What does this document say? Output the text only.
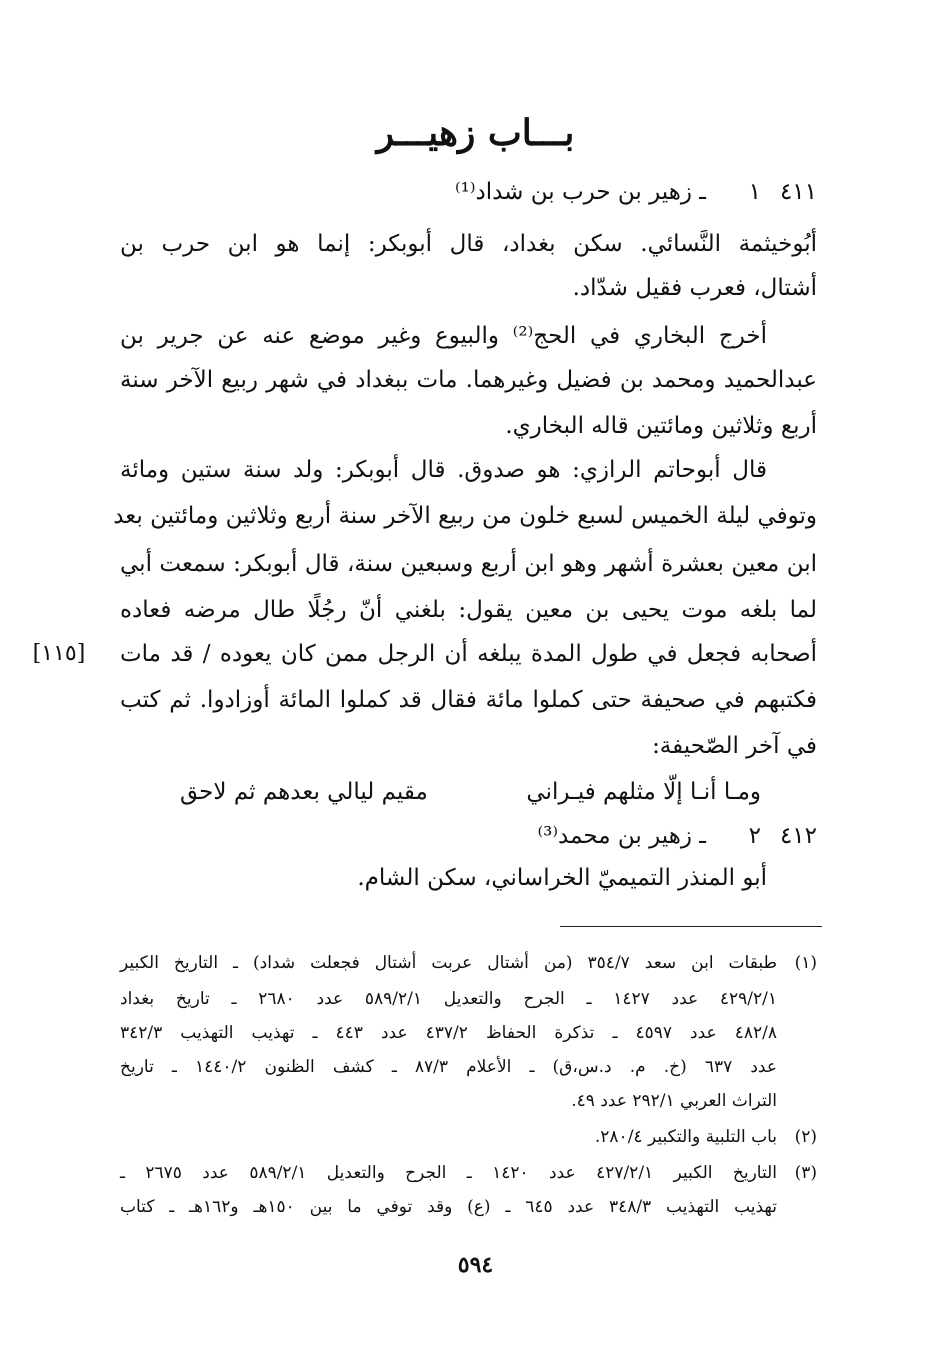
بـــاب زهيـــر
٤١١
١
ـ زهير بن حرب بن شداد⁽¹⁾
أبُوخيثمة النَّسائي. سكن بغداد، قال أبوبكر: إنما هو ابن حرب بن
أشتال، فعرب فقيل شدّاد.
أخرج البخاري في الحج⁽²⁾ والبيوع وغير موضع عنه عن جرير بن
عبدالحميد ومحمد بن فضيل وغيرهما. مات ببغداد في شهر ربيع الآخر سنة
أربع وثلاثين ومائتين قاله البخاري.
قال أبوحاتم الرازي: هو صدوق. قال أبوبكر: ولد سنة ستين ومائة
وتوفي ليلة الخميس لسبع خلون من ربيع الآخر سنة أربع وثلاثين ومائتين بعد
ابن معين بعشرة أشهر وهو ابن أربع وسبعين سنة، قال أبوبكر: سمعت أبي
لما بلغه موت يحيى بن معين يقول: بلغني أنّ رجُلًا طال مرضه فعاده
أصحابه فجعل في طول المدة يبلغه أن الرجل ممن كان يعوده / قد مات
فكتبهم في صحيفة حتى كملوا مائة فقال قد كملوا المائة أوزادوا. ثم كتب
في آخر الصّحيفة:
[١١٥]
ومـا أنـا إلّا مثلهم فيـراني
مقيم ليالي بعدهم ثم لاحق
٤١٢
٢
ـ زهير بن محمد⁽³⁾
أبو المنذر التميميّ الخراساني، سكن الشام.
(١)
طبقات ابن سعد ٣٥٤/٧ (من أشتال عربت أشتال فجعلت شداد) ـ التاريخ الكبير
٤٢٩/٢/١ عدد ١٤٢٧ ـ الجرح والتعديل ٥٨٩/٢/١ عدد ٢٦٨٠ ـ تاريخ بغداد
٤٨٢/٨ عدد ٤٥٩٧ ـ تذكرة الحفاظ ٤٣٧/٢ عدد ٤٤٣ ـ تهذيب التهذيب ٣٤٢/٣
عدد ٦٣٧ (خ. م. د.س،ق) ـ الأعلام ٨٧/٣ ـ كشف الظنون ١٤٤٠/٢ ـ تاريخ
التراث العربي ٢٩٢/١ عدد ٤٩.
(٢)
باب التلبية والتكبير ٢٨٠/٤.
(٣)
التاريخ الكبير ٤٢٧/٢/١ عدد ١٤٢٠ ـ الجرح والتعديل ٥٨٩/٢/١ عدد ٢٦٧٥ ـ
تهذيب التهذيب ٣٤٨/٣ عدد ٦٤٥ ـ (ع) وقد توفي ما بين ١٥٠هـ و١٦٢هـ ـ كتاب
٥٩٤
